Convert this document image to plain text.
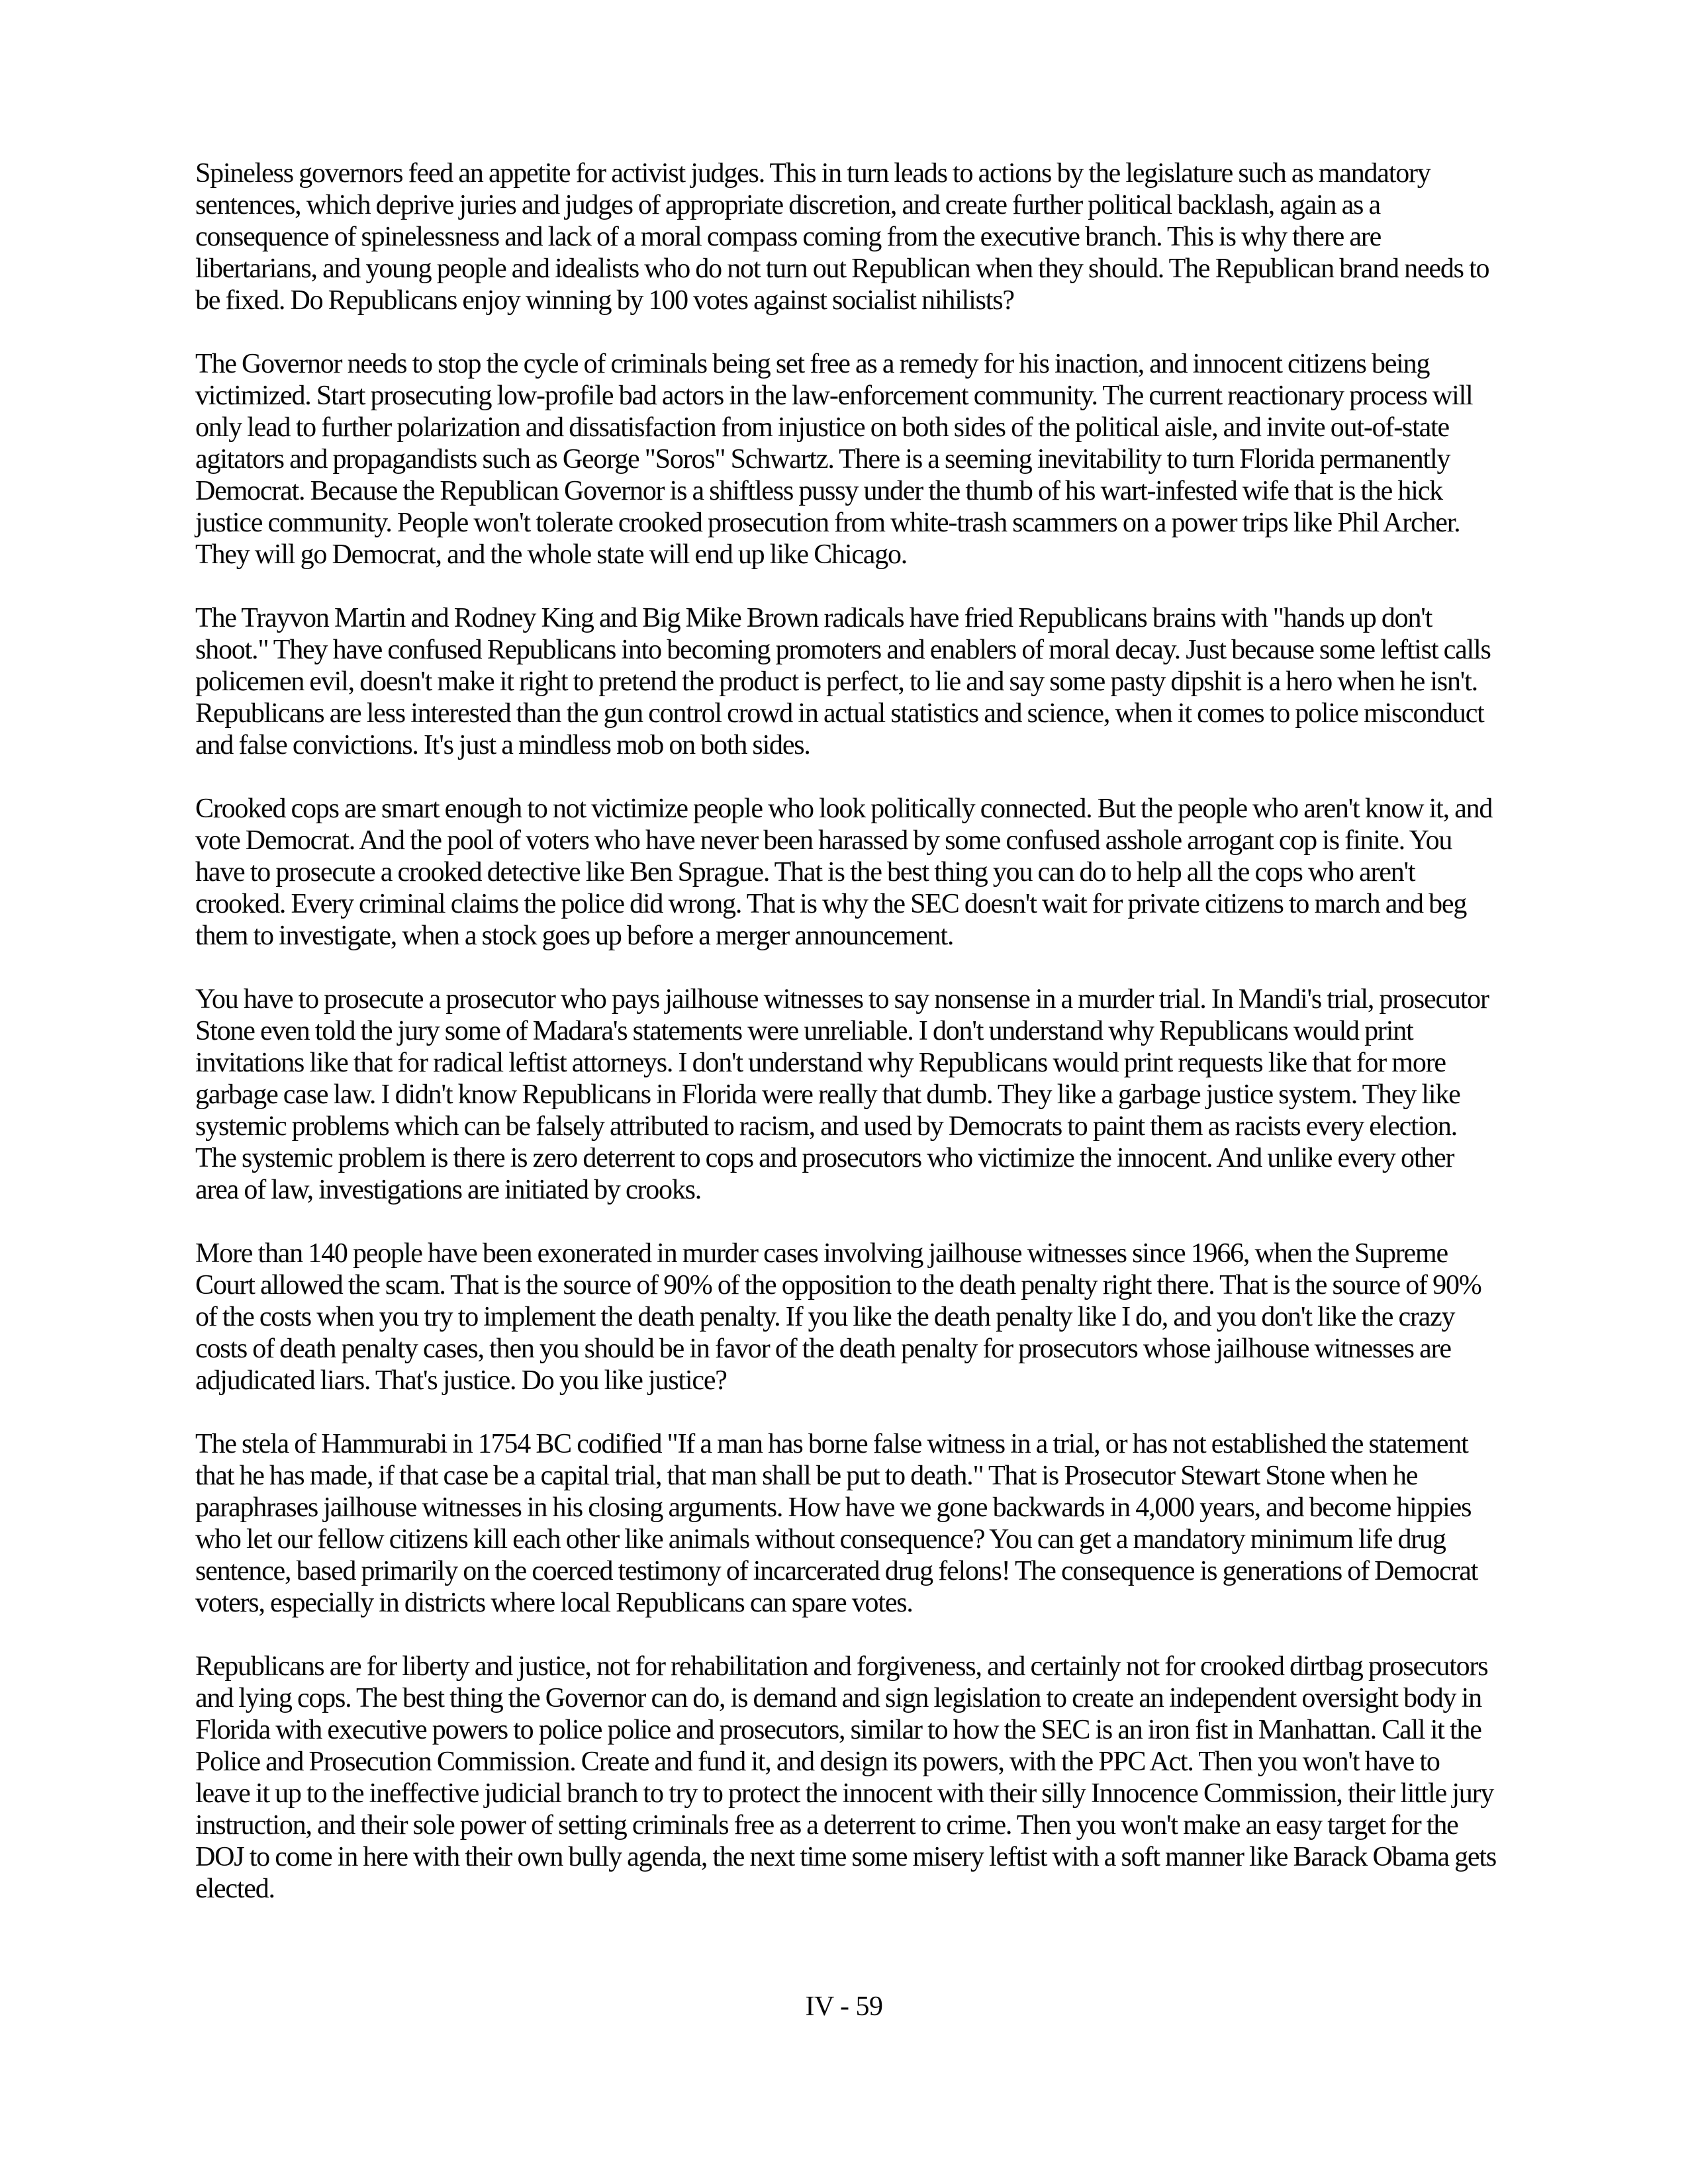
Spineless governors feed an appetite for activist judges. This in turn leads to actions by the legislature such as mandatory sentences, which deprive juries and judges of appropriate discretion, and create further political backlash, again as a consequence of spinelessness and lack of a moral compass coming from the executive branch. This is why there are libertarians, and young people and idealists who do not turn out Republican when they should. The Republican brand needs to be fixed. Do Republicans enjoy winning by 100 votes against socialist nihilists?

The Governor needs to stop the cycle of criminals being set free as a remedy for his inaction, and innocent citizens being victimized. Start prosecuting low-profile bad actors in the law-enforcement community. The current reactionary process will only lead to further polarization and dissatisfaction from injustice on both sides of the political aisle, and invite out-of-state agitators and propagandists such as George "Soros" Schwartz. There is a seeming inevitability to turn Florida permanently Democrat. Because the Republican Governor is a shiftless pussy under the thumb of his wart-infested wife that is the hick justice community. People won't tolerate crooked prosecution from white-trash scammers on a power trips like Phil Archer. They will go Democrat, and the whole state will end up like Chicago.

The Trayvon Martin and Rodney King and Big Mike Brown radicals have fried Republicans brains with "hands up don't shoot." They have confused Republicans into becoming promoters and enablers of moral decay. Just because some leftist calls policemen evil, doesn't make it right to pretend the product is perfect, to lie and say some pasty dipshit is a hero when he isn't. Republicans are less interested than the gun control crowd in actual statistics and science, when it comes to police misconduct and false convictions. It's just a mindless mob on both sides.

Crooked cops are smart enough to not victimize people who look politically connected. But the people who aren't know it, and vote Democrat. And the pool of voters who have never been harassed by some confused asshole arrogant cop is finite. You have to prosecute a crooked detective like Ben Sprague. That is the best thing you can do to help all the cops who aren't crooked. Every criminal claims the police did wrong. That is why the SEC doesn't wait for private citizens to march and beg them to investigate, when a stock goes up before a merger announcement.

You have to prosecute a prosecutor who pays jailhouse witnesses to say nonsense in a murder trial. In Mandi's trial, prosecutor Stone even told the jury some of Madara's statements were unreliable. I don't understand why Republicans would print invitations like that for radical leftist attorneys. I don't understand why Republicans would print requests like that for more garbage case law. I didn't know Republicans in Florida were really that dumb. They like a garbage justice system. They like systemic problems which can be falsely attributed to racism, and used by Democrats to paint them as racists every election. The systemic problem is there is zero deterrent to cops and prosecutors who victimize the innocent. And unlike every other area of law, investigations are initiated by crooks.

More than 140 people have been exonerated in murder cases involving jailhouse witnesses since 1966, when the Supreme Court allowed the scam. That is the source of 90% of the opposition to the death penalty right there. That is the source of 90% of the costs when you try to implement the death penalty. If you like the death penalty like I do, and you don't like the crazy costs of death penalty cases, then you should be in favor of the death penalty for prosecutors whose jailhouse witnesses are adjudicated liars. That's justice. Do you like justice?

The stela of Hammurabi in 1754 BC codified "If a man has borne false witness in a trial, or has not established the statement that he has made, if that case be a capital trial, that man shall be put to death." That is Prosecutor Stewart Stone when he paraphrases jailhouse witnesses in his closing arguments. How have we gone backwards in 4,000 years, and become hippies who let our fellow citizens kill each other like animals without consequence? You can get a mandatory minimum life drug sentence, based primarily on the coerced testimony of incarcerated drug felons! The consequence is generations of Democrat voters, especially in districts where local Republicans can spare votes.

Republicans are for liberty and justice, not for rehabilitation and forgiveness, and certainly not for crooked dirtbag prosecutors and lying cops. The best thing the Governor can do, is demand and sign legislation to create an independent oversight body in Florida with executive powers to police police and prosecutors, similar to how the SEC is an iron fist in Manhattan. Call it the Police and Prosecution Commission. Create and fund it, and design its powers, with the PPC Act. Then you won't have to leave it up to the ineffective judicial branch to try to protect the innocent with their silly Innocence Commission, their little jury instruction, and their sole power of setting criminals free as a deterrent to crime. Then you won't make an easy target for the DOJ to come in here with their own bully agenda, the next time some misery leftist with a soft manner like Barack Obama gets elected.

IV - 59
